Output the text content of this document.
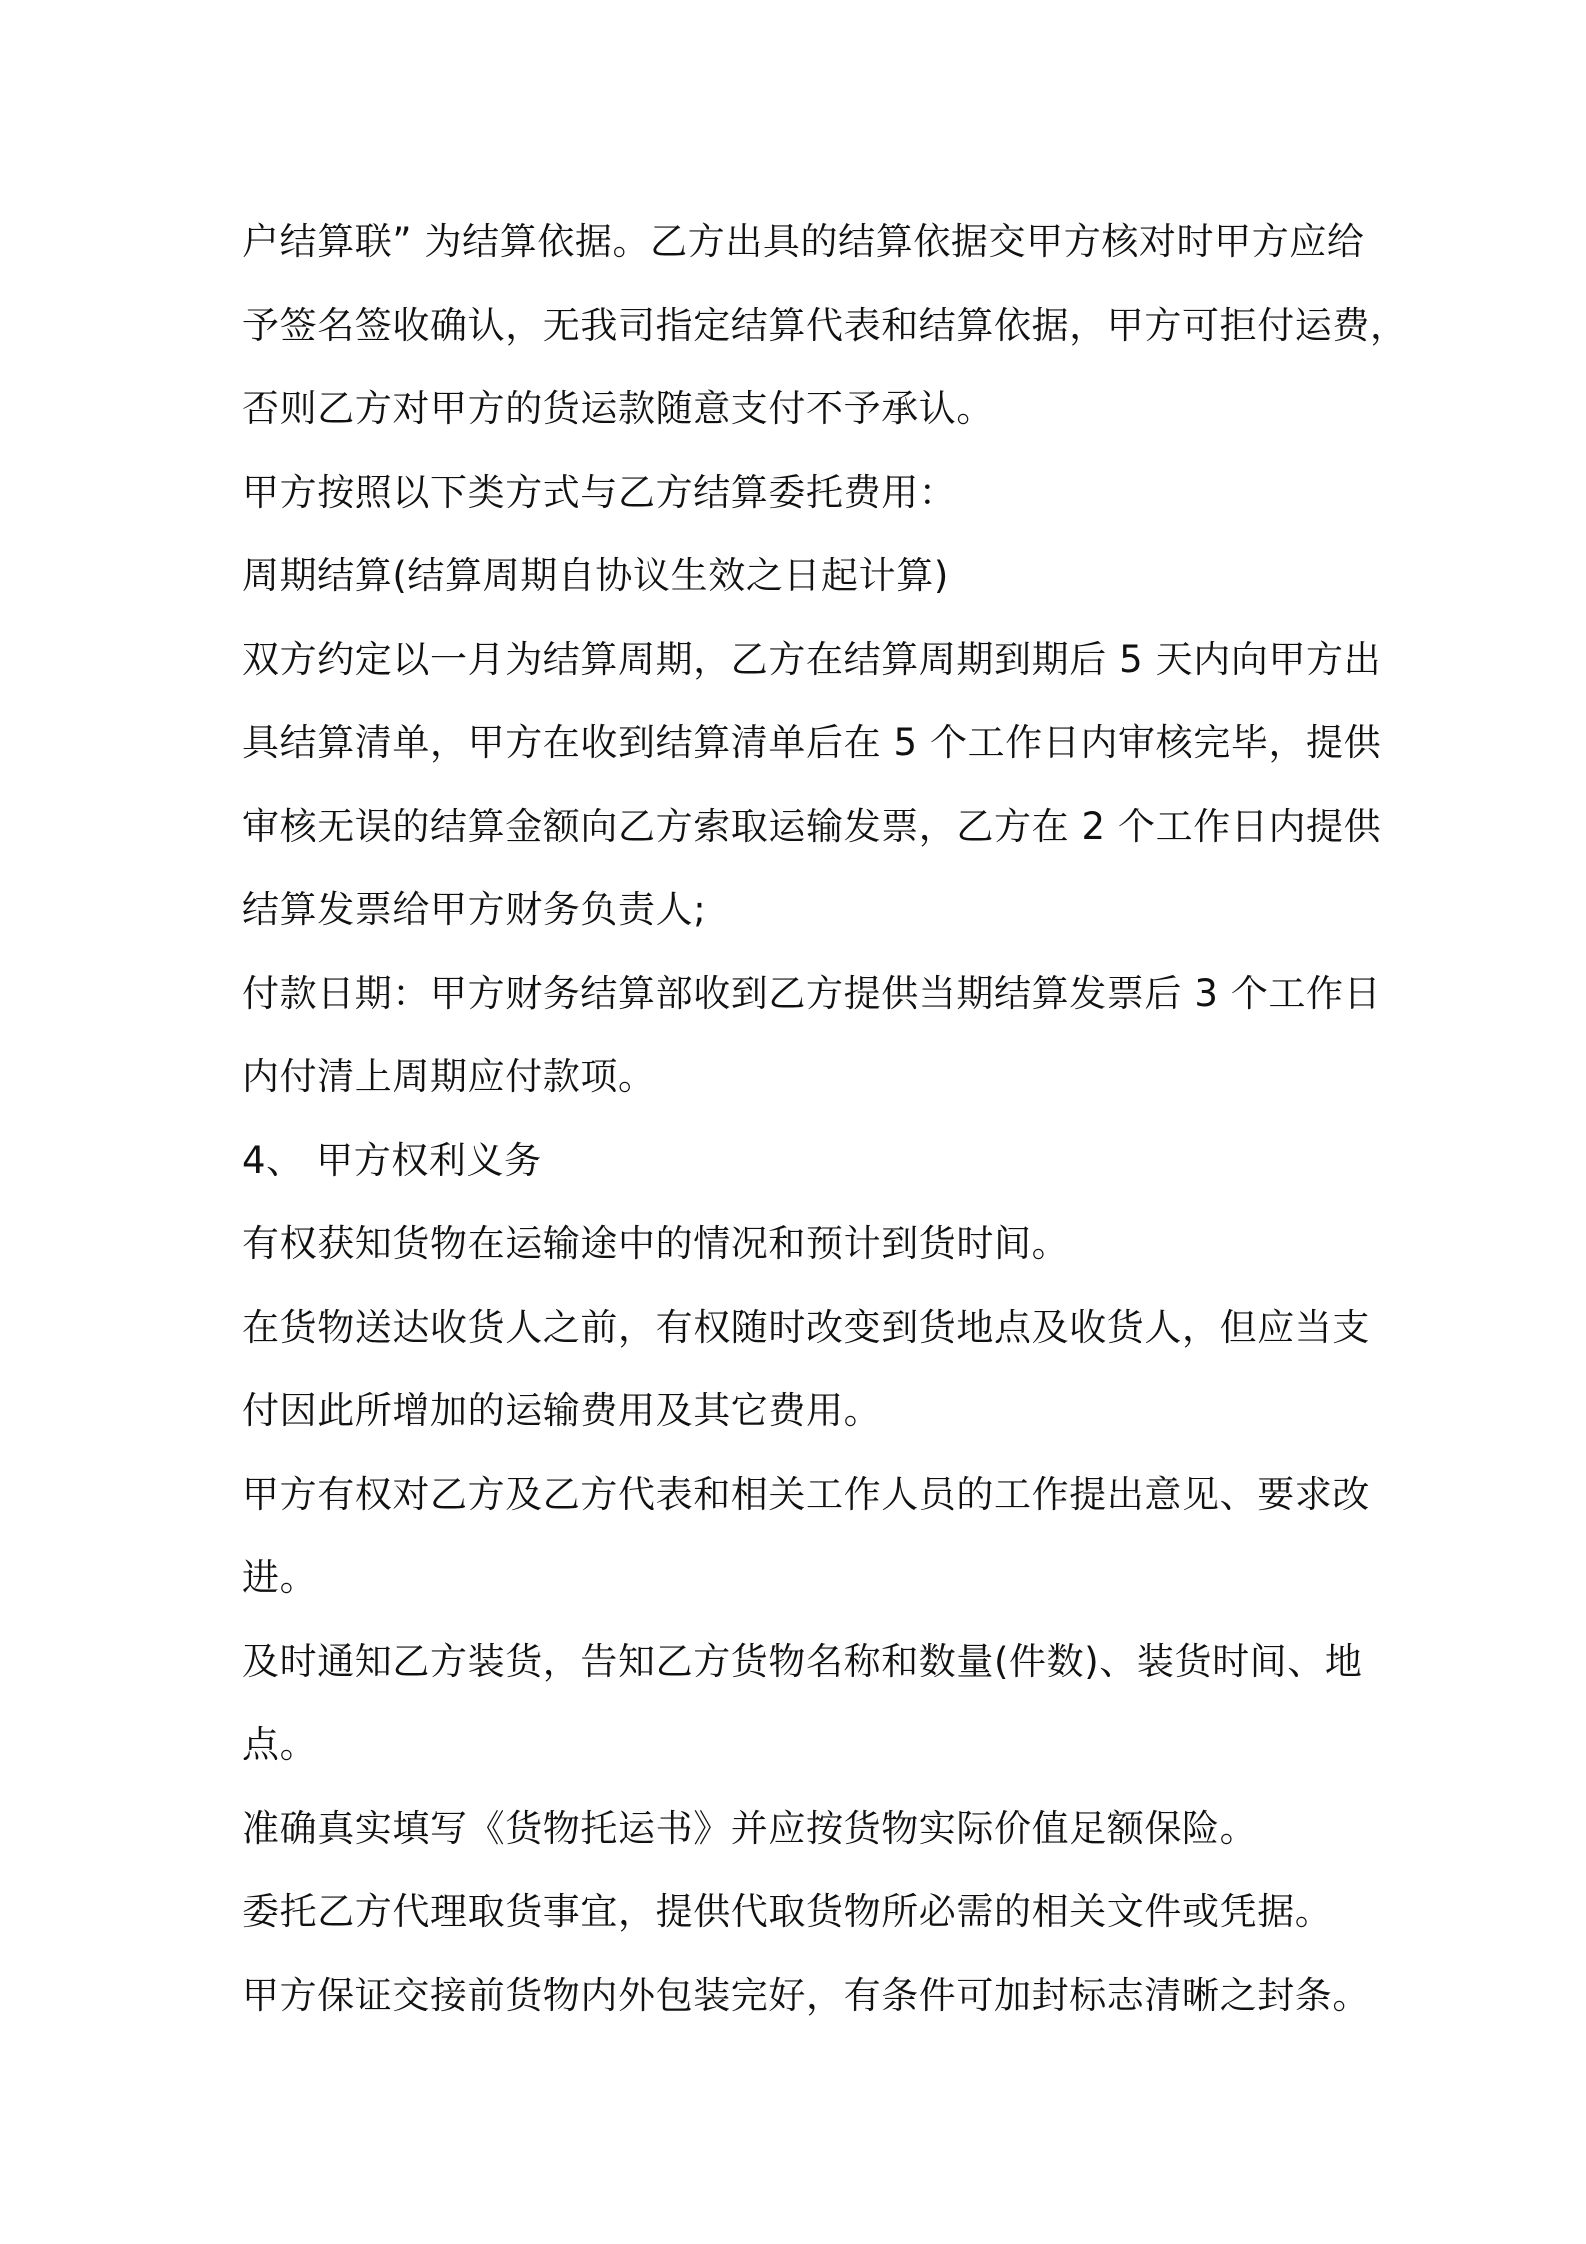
户结算联” 为结算依据。乙方出具的结算依据交甲方核对时甲方应给
予签名签收确认，无我司指定结算代表和结算依据，甲方可拒付运费，
否则乙方对甲方的货运款随意支付不予承认。
甲方按照以下类方式与乙方结算委托费用：
周期结算(结算周期自协议生效之日起计算)
双方约定以一月为结算周期，乙方在结算周期到期后 5 天内向甲方出
具结算清单，甲方在收到结算清单后在 5 个工作日内审核完毕，提供
审核无误的结算金额向乙方索取运输发票，乙方在 2 个工作日内提供
结算发票给甲方财务负责人;
付款日期：甲方财务结算部收到乙方提供当期结算发票后 3 个工作日
内付清上周期应付款项。
4、 甲方权利义务
有权获知货物在运输途中的情况和预计到货时间。
在货物送达收货人之前，有权随时改变到货地点及收货人，但应当支
付因此所增加的运输费用及其它费用。
甲方有权对乙方及乙方代表和相关工作人员的工作提出意见、要求改
进。
及时通知乙方装货，告知乙方货物名称和数量(件数)、装货时间、地
点。
准确真实填写《货物托运书》并应按货物实际价值足额保险。
委托乙方代理取货事宜，提供代取货物所必需的相关文件或凭据。
甲方保证交接前货物内外包装完好，有条件可加封标志清晰之封条。
